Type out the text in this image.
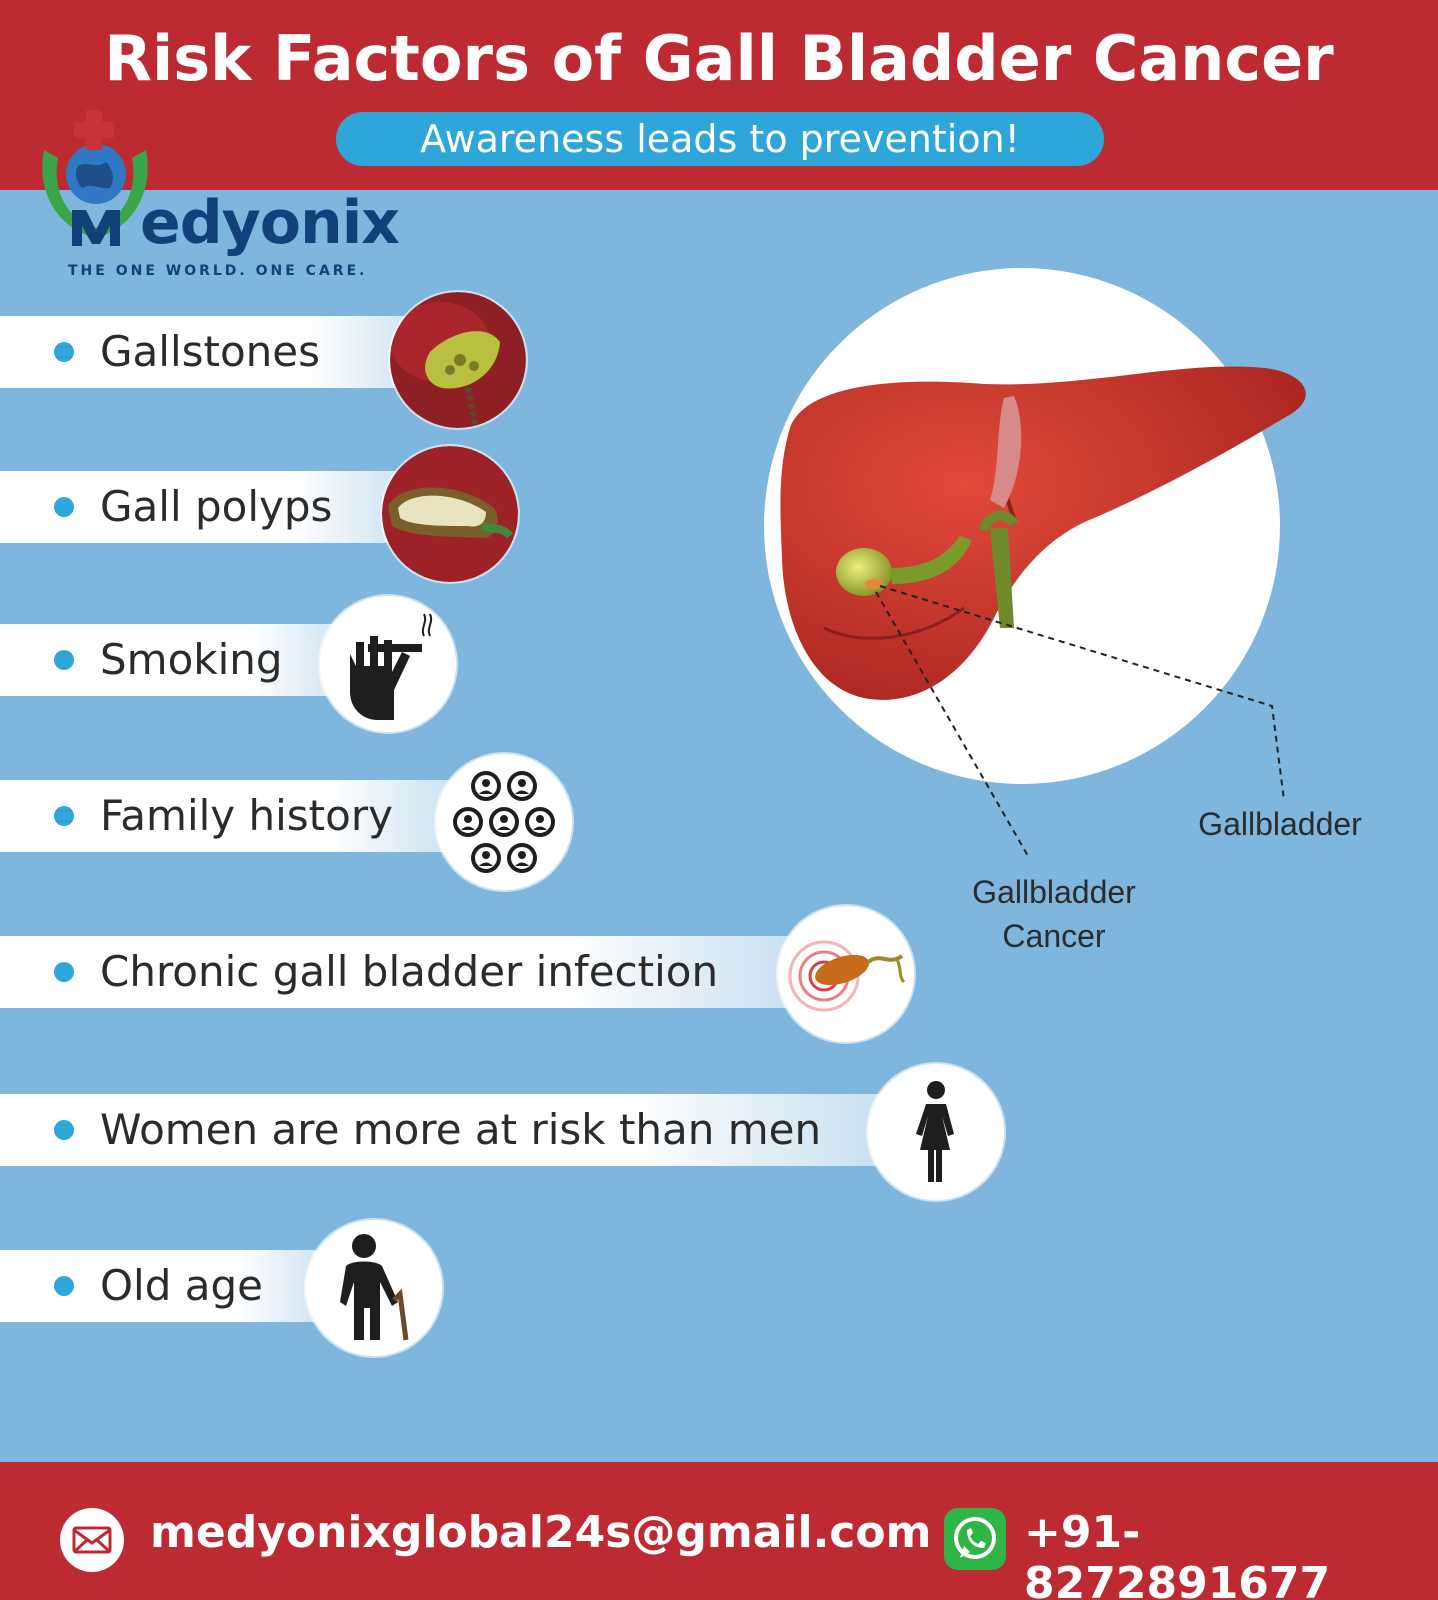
Risk Factors of Gall Bladder Cancer
Awareness leads to prevention!
edyonix
THE ONE WORLD. ONE CARE.
Gallstones
Gall polyps
Smoking
Family history
Chronic gall bladder infection
Women are more at risk than men
Old age
Gallbladder
Gallbladder
Cancer
medyonixglobal24s@gmail.com +91-8272891677
